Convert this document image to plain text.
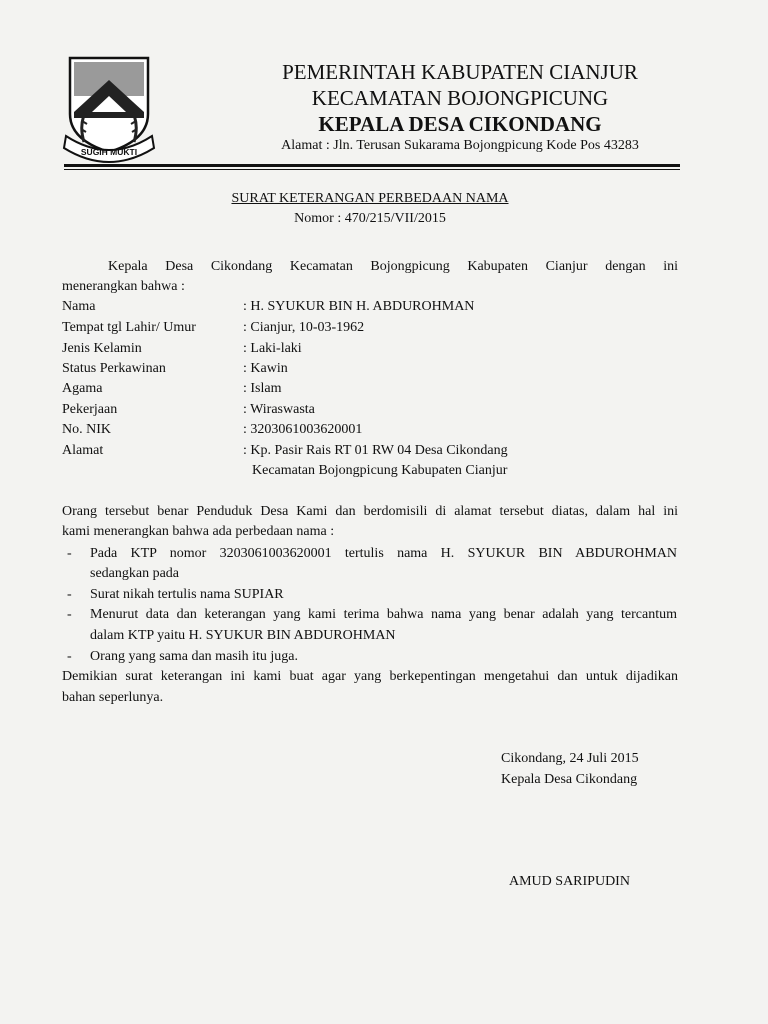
SUGIH MUKTI
PEMERINTAH KABUPATEN CIANJUR
KECAMATAN BOJONGPICUNG
KEPALA DESA CIKONDANG
Alamat : Jln. Terusan Sukarama Bojongpicung Kode Pos 43283
SURAT KETERANGAN PERBEDAAN NAMA
Nomor : 470/215/VII/2015
Kepala Desa Cikondang Kecamatan Bojongpicung Kabupaten Cianjur dengan ini
menerangkan bahwa :
Nama	: H. SYUKUR BIN H. ABDUROHMAN
Tempat tgl Lahir/ Umur	: Cianjur, 10-03-1962
Jenis Kelamin	: Laki-laki
Status Perkawinan	: Kawin
Agama	: Islam
Pekerjaan	: Wiraswasta
No. NIK	: 3203061003620001
Alamat	: Kp. Pasir Rais RT 01 RW 04 Desa Cikondang
Kecamatan Bojongpicung Kabupaten Cianjur
Orang tersebut benar Penduduk Desa Kami dan berdomisili di alamat tersebut diatas, dalam hal ini
kami menerangkan bahwa ada perbedaan nama :
- Pada KTP nomor 3203061003620001 tertulis nama H. SYUKUR BIN ABDUROHMAN
sedangkan pada
- Surat nikah tertulis nama SUPIAR
- Menurut data dan keterangan yang kami terima bahwa nama yang benar adalah yang tercantum
dalam KTP yaitu H. SYUKUR BIN ABDUROHMAN
- Orang yang sama dan masih itu juga.
Demikian surat keterangan ini kami buat agar yang berkepentingan mengetahui dan untuk dijadikan
bahan seperlunya.
Cikondang, 24 Juli 2015
Kepala Desa Cikondang
AMUD SARIPUDIN
